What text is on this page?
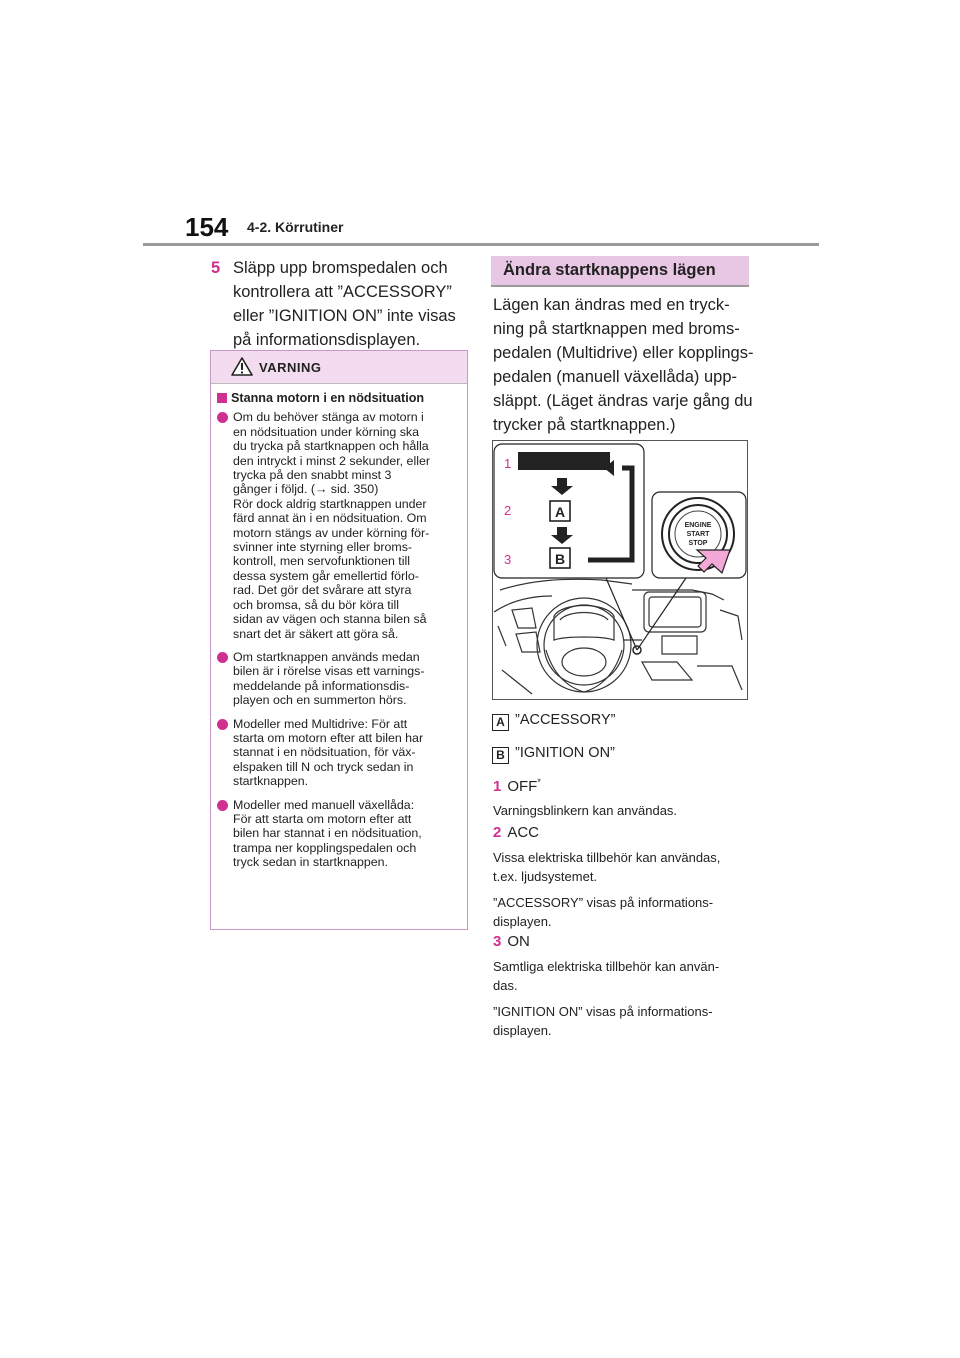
154 4-2. Körrutiner
5 Släpp upp bromspedalen och
kontrollera att ”ACCESSORY”
eller ”IGNITION ON” inte visas
på informationsdisplayen.
VARNING
Stanna motorn i en nödsituation

Om du behöver stänga av motorn i
en nödsituation under körning ska
du trycka på startknappen och hålla
den intryckt i minst 2 sekunder, eller
trycka på den snabbt minst 3
gånger i följd. (→ sid. 350)
Rör dock aldrig startknappen under
färd annat än i en nödsituation. Om
motorn stängs av under körning för-
svinner inte styrning eller broms-
kontroll, men servofunktionen till
dessa system går emellertid förlo-
rad. Det gör det svårare att styra
och bromsa, så du bör köra till
sidan av vägen och stanna bilen så
snart det är säkert att göra så.

Om startknappen används medan
bilen är i rörelse visas ett varnings-
meddelande på informationsdis-
playen och en summerton hörs.

Modeller med Multidrive: För att
starta om motorn efter att bilen har
stannat i en nödsituation, för väx-
elspaken till N och tryck sedan in
startknappen.

Modeller med manuell växellåda:
För att starta om motorn efter att
bilen har stannat i en nödsituation,
trampa ner kopplingspedalen och
tryck sedan in startknappen.

Ändra startknappens lägen

Lägen kan ändras med en tryck-
ning på startknappen med broms-
pedalen (Multidrive) eller kopplings-
pedalen (manuell växellåda) upp-
släppt. (Läget ändras varje gång du
trycker på startknappen.)

1
2
3
A
B
ENGINE
START
STOP
A ”ACCESSORY”
B ”IGNITION ON”
1 OFF*

Varningsblinkern kan användas.

2 ACC

Vissa elektriska tillbehör kan användas,
t.ex. ljudsystemet.

”ACCESSORY” visas på informations-
displayen.

3 ON

Samtliga elektriska tillbehör kan använ-
das.

”IGNITION ON” visas på informations-
displayen.
